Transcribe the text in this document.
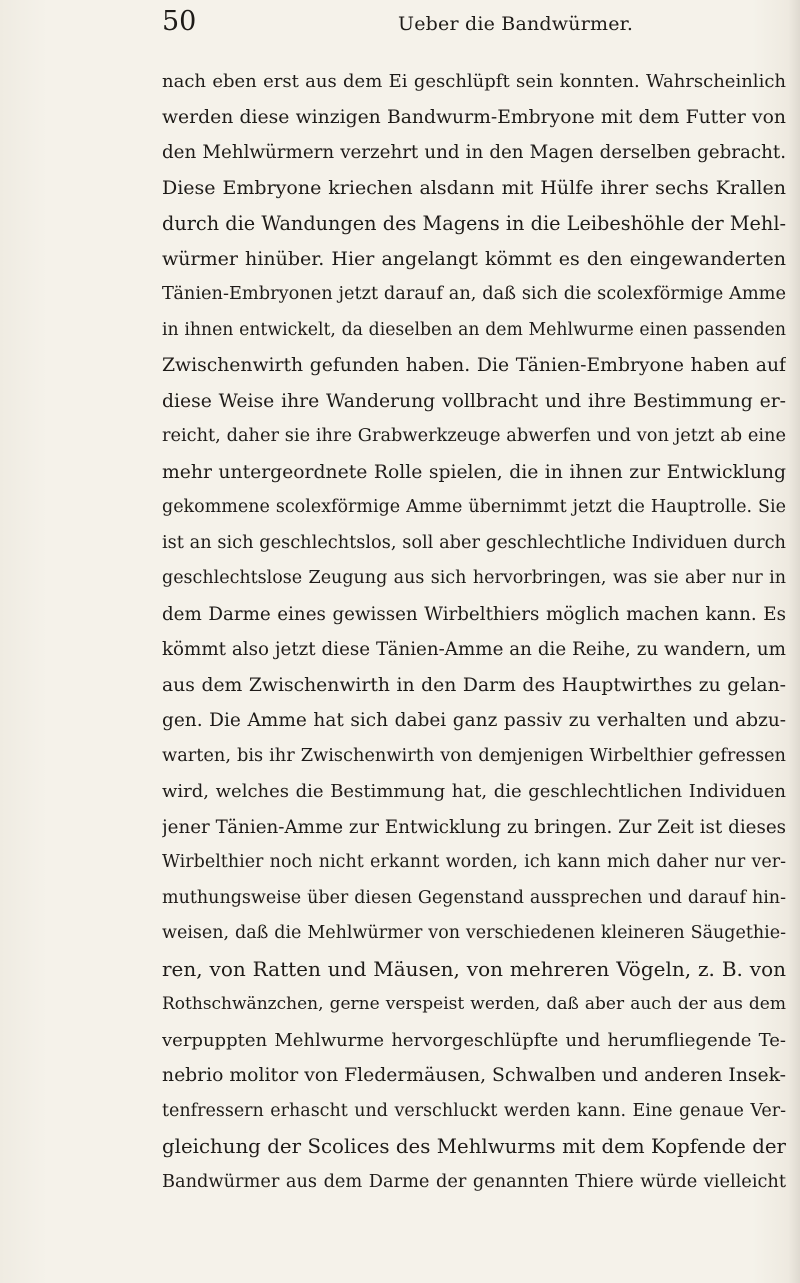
50	Ueber die Bandwürmer.
nach eben erst aus dem Ei geschlüpft sein konnten. Wahrscheinlich
werden diese winzigen Bandwurm-Embryone mit dem Futter von
den Mehlwürmern verzehrt und in den Magen derselben gebracht.
Diese Embryone kriechen alsdann mit Hülfe ihrer sechs Krallen
durch die Wandungen des Magens in die Leibeshöhle der Mehl-
würmer hinüber. Hier angelangt kömmt es den eingewanderten
Tänien-Embryonen jetzt darauf an, daß sich die scolexförmige Amme
in ihnen entwickelt, da dieselben an dem Mehlwurme einen passenden
Zwischenwirth gefunden haben. Die Tänien-Embryone haben auf
diese Weise ihre Wanderung vollbracht und ihre Bestimmung er-
reicht, daher sie ihre Grabwerkzeuge abwerfen und von jetzt ab eine
mehr untergeordnete Rolle spielen, die in ihnen zur Entwicklung
gekommene scolexförmige Amme übernimmt jetzt die Hauptrolle. Sie
ist an sich geschlechtslos, soll aber geschlechtliche Individuen durch
geschlechtslose Zeugung aus sich hervorbringen, was sie aber nur in
dem Darme eines gewissen Wirbelthiers möglich machen kann. Es
kömmt also jetzt diese Tänien-Amme an die Reihe, zu wandern, um
aus dem Zwischenwirth in den Darm des Hauptwirthes zu gelan-
gen. Die Amme hat sich dabei ganz passiv zu verhalten und abzu-
warten, bis ihr Zwischenwirth von demjenigen Wirbelthier gefressen
wird, welches die Bestimmung hat, die geschlechtlichen Individuen
jener Tänien-Amme zur Entwicklung zu bringen. Zur Zeit ist dieses
Wirbelthier noch nicht erkannt worden, ich kann mich daher nur ver-
muthungsweise über diesen Gegenstand aussprechen und darauf hin-
weisen, daß die Mehlwürmer von verschiedenen kleineren Säugethie-
ren, von Ratten und Mäusen, von mehreren Vögeln, z. B. von
Rothschwänzchen, gerne verspeist werden, daß aber auch der aus dem
verpuppten Mehlwurme hervorgeschlüpfte und herumfliegende Te-
nebrio molitor von Fledermäusen, Schwalben und anderen Insek-
tenfressern erhascht und verschluckt werden kann. Eine genaue Ver-
gleichung der Scolices des Mehlwurms mit dem Kopfende der
Bandwürmer aus dem Darme der genannten Thiere würde vielleicht
